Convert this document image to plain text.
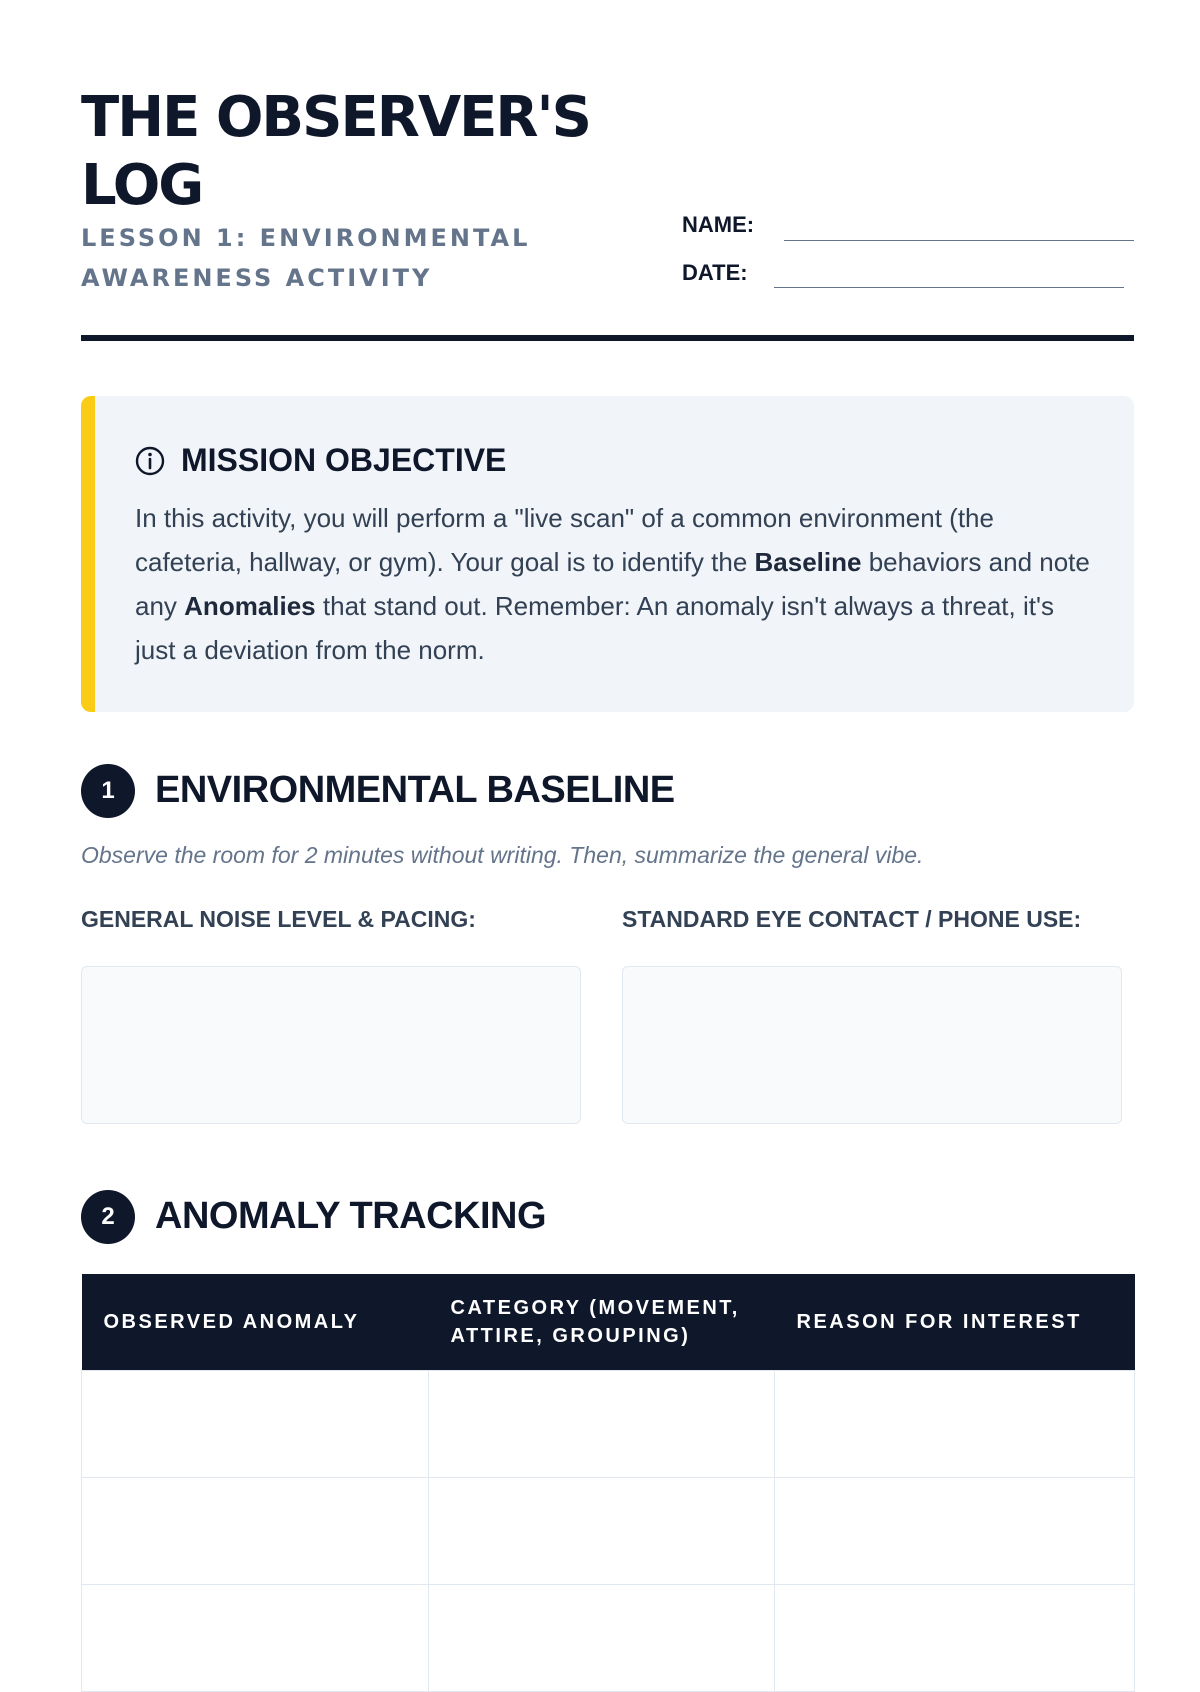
THE OBSERVER'S LOG

LESSON 1: ENVIRONMENTAL AWARENESS ACTIVITY

NAME:
DATE:
MISSION OBJECTIVE
In this activity, you will perform a "live scan" of a common environment (the cafeteria, hallway, or gym). Your goal is to identify the Baseline behaviors and note any Anomalies that stand out. Remember: An anomaly isn't always a threat, it's just a deviation from the norm.
1	ENVIRONMENTAL BASELINE
Observe the room for 2 minutes without writing. Then, summarize the general vibe.
GENERAL NOISE LEVEL & PACING:	STANDARD EYE CONTACT / PHONE USE:
2	ANOMALY TRACKING
OBSERVED ANOMALY	CATEGORY (MOVEMENT, ATTIRE, GROUPING)	REASON FOR INTEREST
